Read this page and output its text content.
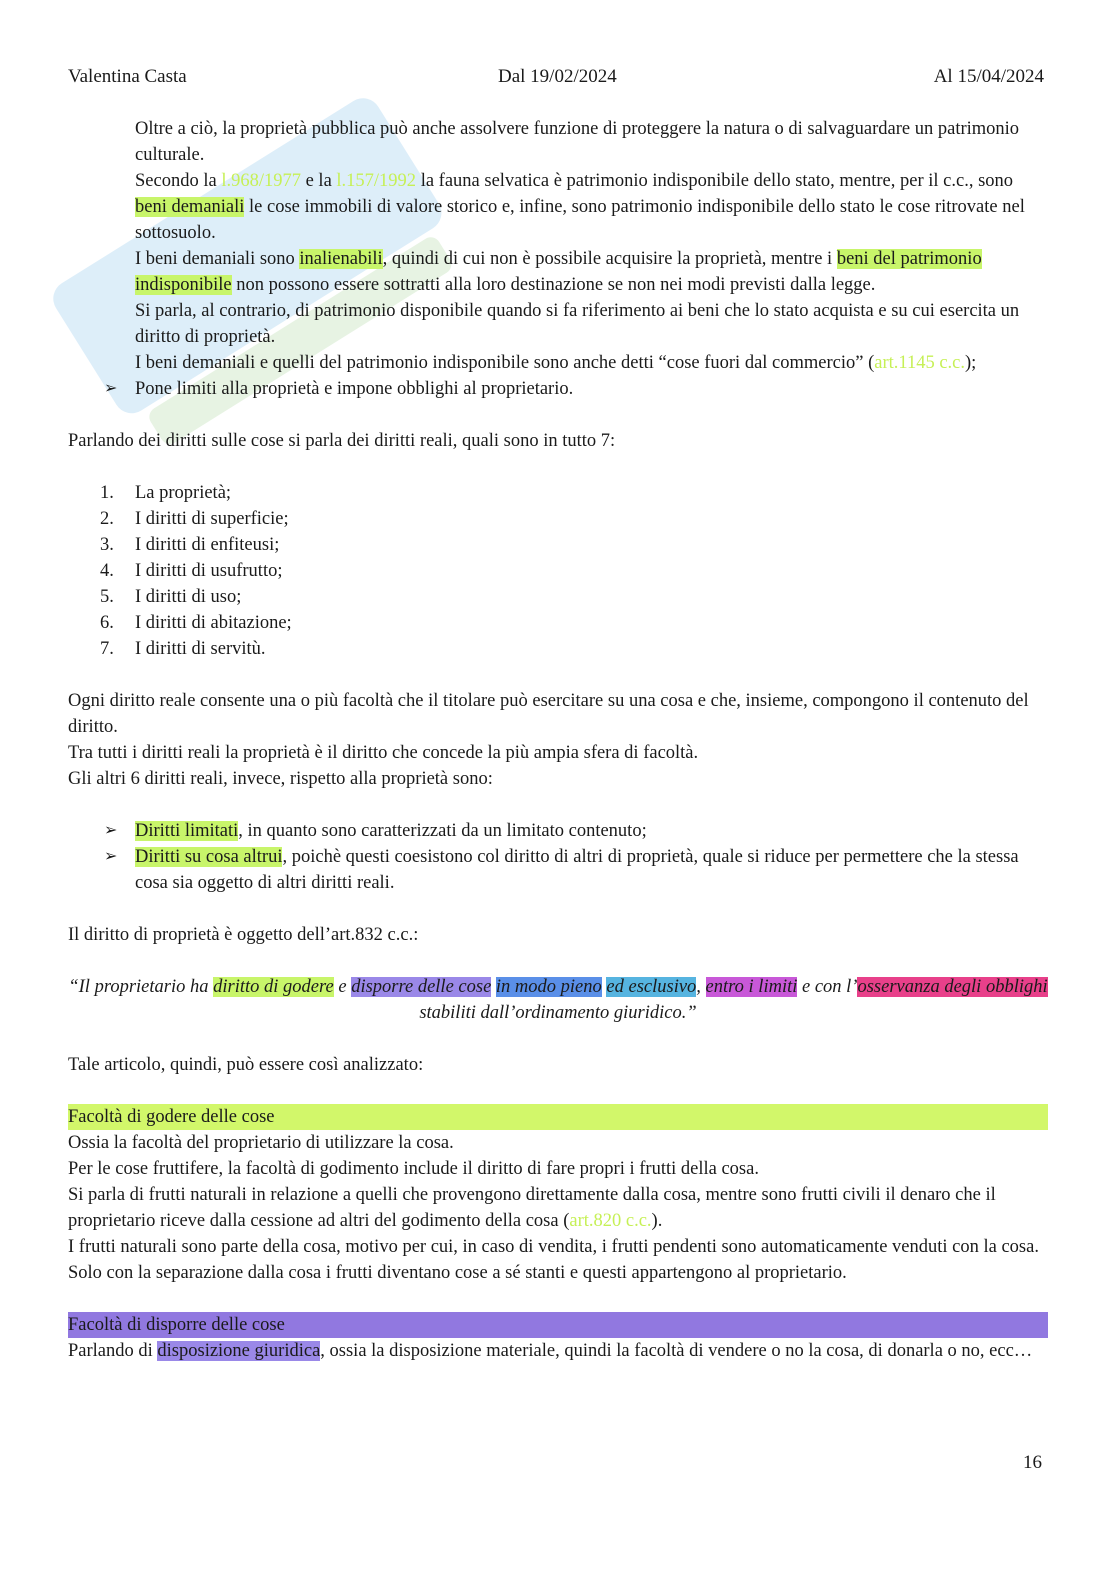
Valentina Casta	Dal 19/02/2024	Al 15/04/2024

Oltre a ciò, la proprietà pubblica può anche assolvere funzione di proteggere la natura o di salvaguardare un patrimonio culturale.

Secondo la l.968/1977 e la l.157/1992 la fauna selvatica è patrimonio indisponibile dello stato, mentre, per il c.c., sono beni demaniali le cose immobili di valore storico e, infine, sono patrimonio indisponibile dello stato le cose ritrovate nel sottosuolo.

I beni demaniali sono inalienabili, quindi di cui non è possibile acquisire la proprietà, mentre i beni del patrimonio indisponibile non possono essere sottratti alla loro destinazione se non nei modi previsti dalla legge.

Si parla, al contrario, di patrimonio disponibile quando si fa riferimento ai beni che lo stato acquista e su cui esercita un diritto di proprietà.

I beni demaniali e quelli del patrimonio indisponibile sono anche detti “cose fuori dal commercio” (art.1145 c.c.);

➢ Pone limiti alla proprietà e impone obblighi al proprietario.

Parlando dei diritti sulle cose si parla dei diritti reali, quali sono in tutto 7:

1. La proprietà;
2. I diritti di superficie;
3. I diritti di enfiteusi;
4. I diritti di usufrutto;
5. I diritti di uso;
6. I diritti di abitazione;
7. I diritti di servitù.

Ogni diritto reale consente una o più facoltà che il titolare può esercitare su una cosa e che, insieme, compongono il contenuto del diritto.

Tra tutti i diritti reali la proprietà è il diritto che concede la più ampia sfera di facoltà.

Gli altri 6 diritti reali, invece, rispetto alla proprietà sono:

➢ Diritti limitati, in quanto sono caratterizzati da un limitato contenuto;
➢ Diritti su cosa altrui, poichè questi coesistono col diritto di altri di proprietà, quale si riduce per permettere che la stessa cosa sia oggetto di altri diritti reali.

Il diritto di proprietà è oggetto dell’art.832 c.c.:

“Il proprietario ha diritto di godere e disporre delle cose in modo pieno ed esclusivo, entro i limiti e con l’osservanza degli obblighi stabiliti dall’ordinamento giuridico.”

Tale articolo, quindi, può essere così analizzato:

Facoltà di godere delle cose

Ossia la facoltà del proprietario di utilizzare la cosa.

Per le cose fruttifere, la facoltà di godimento include il diritto di fare propri i frutti della cosa.

Si parla di frutti naturali in relazione a quelli che provengono direttamente dalla cosa, mentre sono frutti civili il denaro che il proprietario riceve dalla cessione ad altri del godimento della cosa (art.820 c.c.).

I frutti naturali sono parte della cosa, motivo per cui, in caso di vendita, i frutti pendenti sono automaticamente venduti con la cosa.

Solo con la separazione dalla cosa i frutti diventano cose a sé stanti e questi appartengono al proprietario.

Facoltà di disporre delle cose

Parlando di disposizione giuridica, ossia la disposizione materiale, quindi la facoltà di vendere o no la cosa, di donarla o no, ecc…

16
